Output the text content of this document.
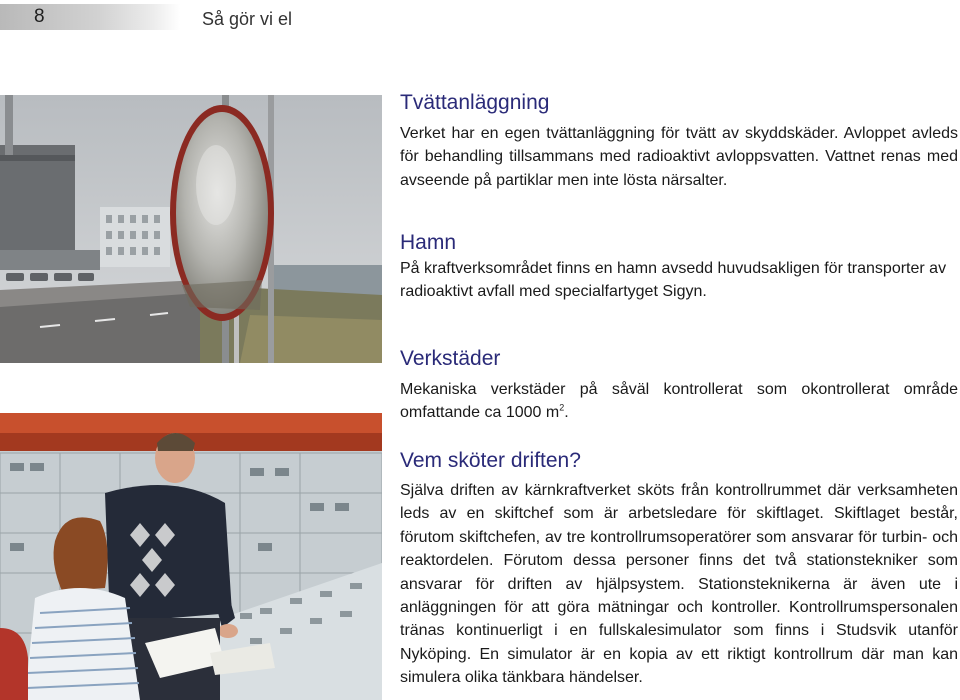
8	Så gör vi el
Tvättanläggning

Verket har en egen tvättanläggning för tvätt av skyddskäder. Avloppet avleds för behandling tillsammans med radioaktivt avloppsvatten. Vattnet renas med avseende på partiklar men inte lösta närsalter.

Hamn

På kraftverksområdet finns en hamn avsedd huvudsakligen för transporter av radioaktivt avfall med specialfartyget Sigyn.

Verkstäder

Mekaniska verkstäder på såväl kontrollerat som okontrollerat område omfattande ca 1000 $m^2$.

Vem sköter driften?

Själva driften av kärnkraftverket sköts från kontrollrummet där verksamheten leds av en skiftchef som är arbetsledare för skiftlaget. Skiftlaget består, förutom skiftchefen, av tre kontrollrumsoperatörer som ansvarar för turbin- och reaktordelen. Förutom dessa personer finns det två stationstekniker som ansvarar för driften av hjälpsystem. Stationsteknikerna är även ute i anläggningen för att göra mätningar och kontroller. Kontrollrumspersonalen tränas kontinuerligt i en fullskalesimulator som finns i Studsvik utanför Nyköping. En simulator är en kopia av ett riktigt kontrollrum där man kan simulera olika tänkbara händelser.
